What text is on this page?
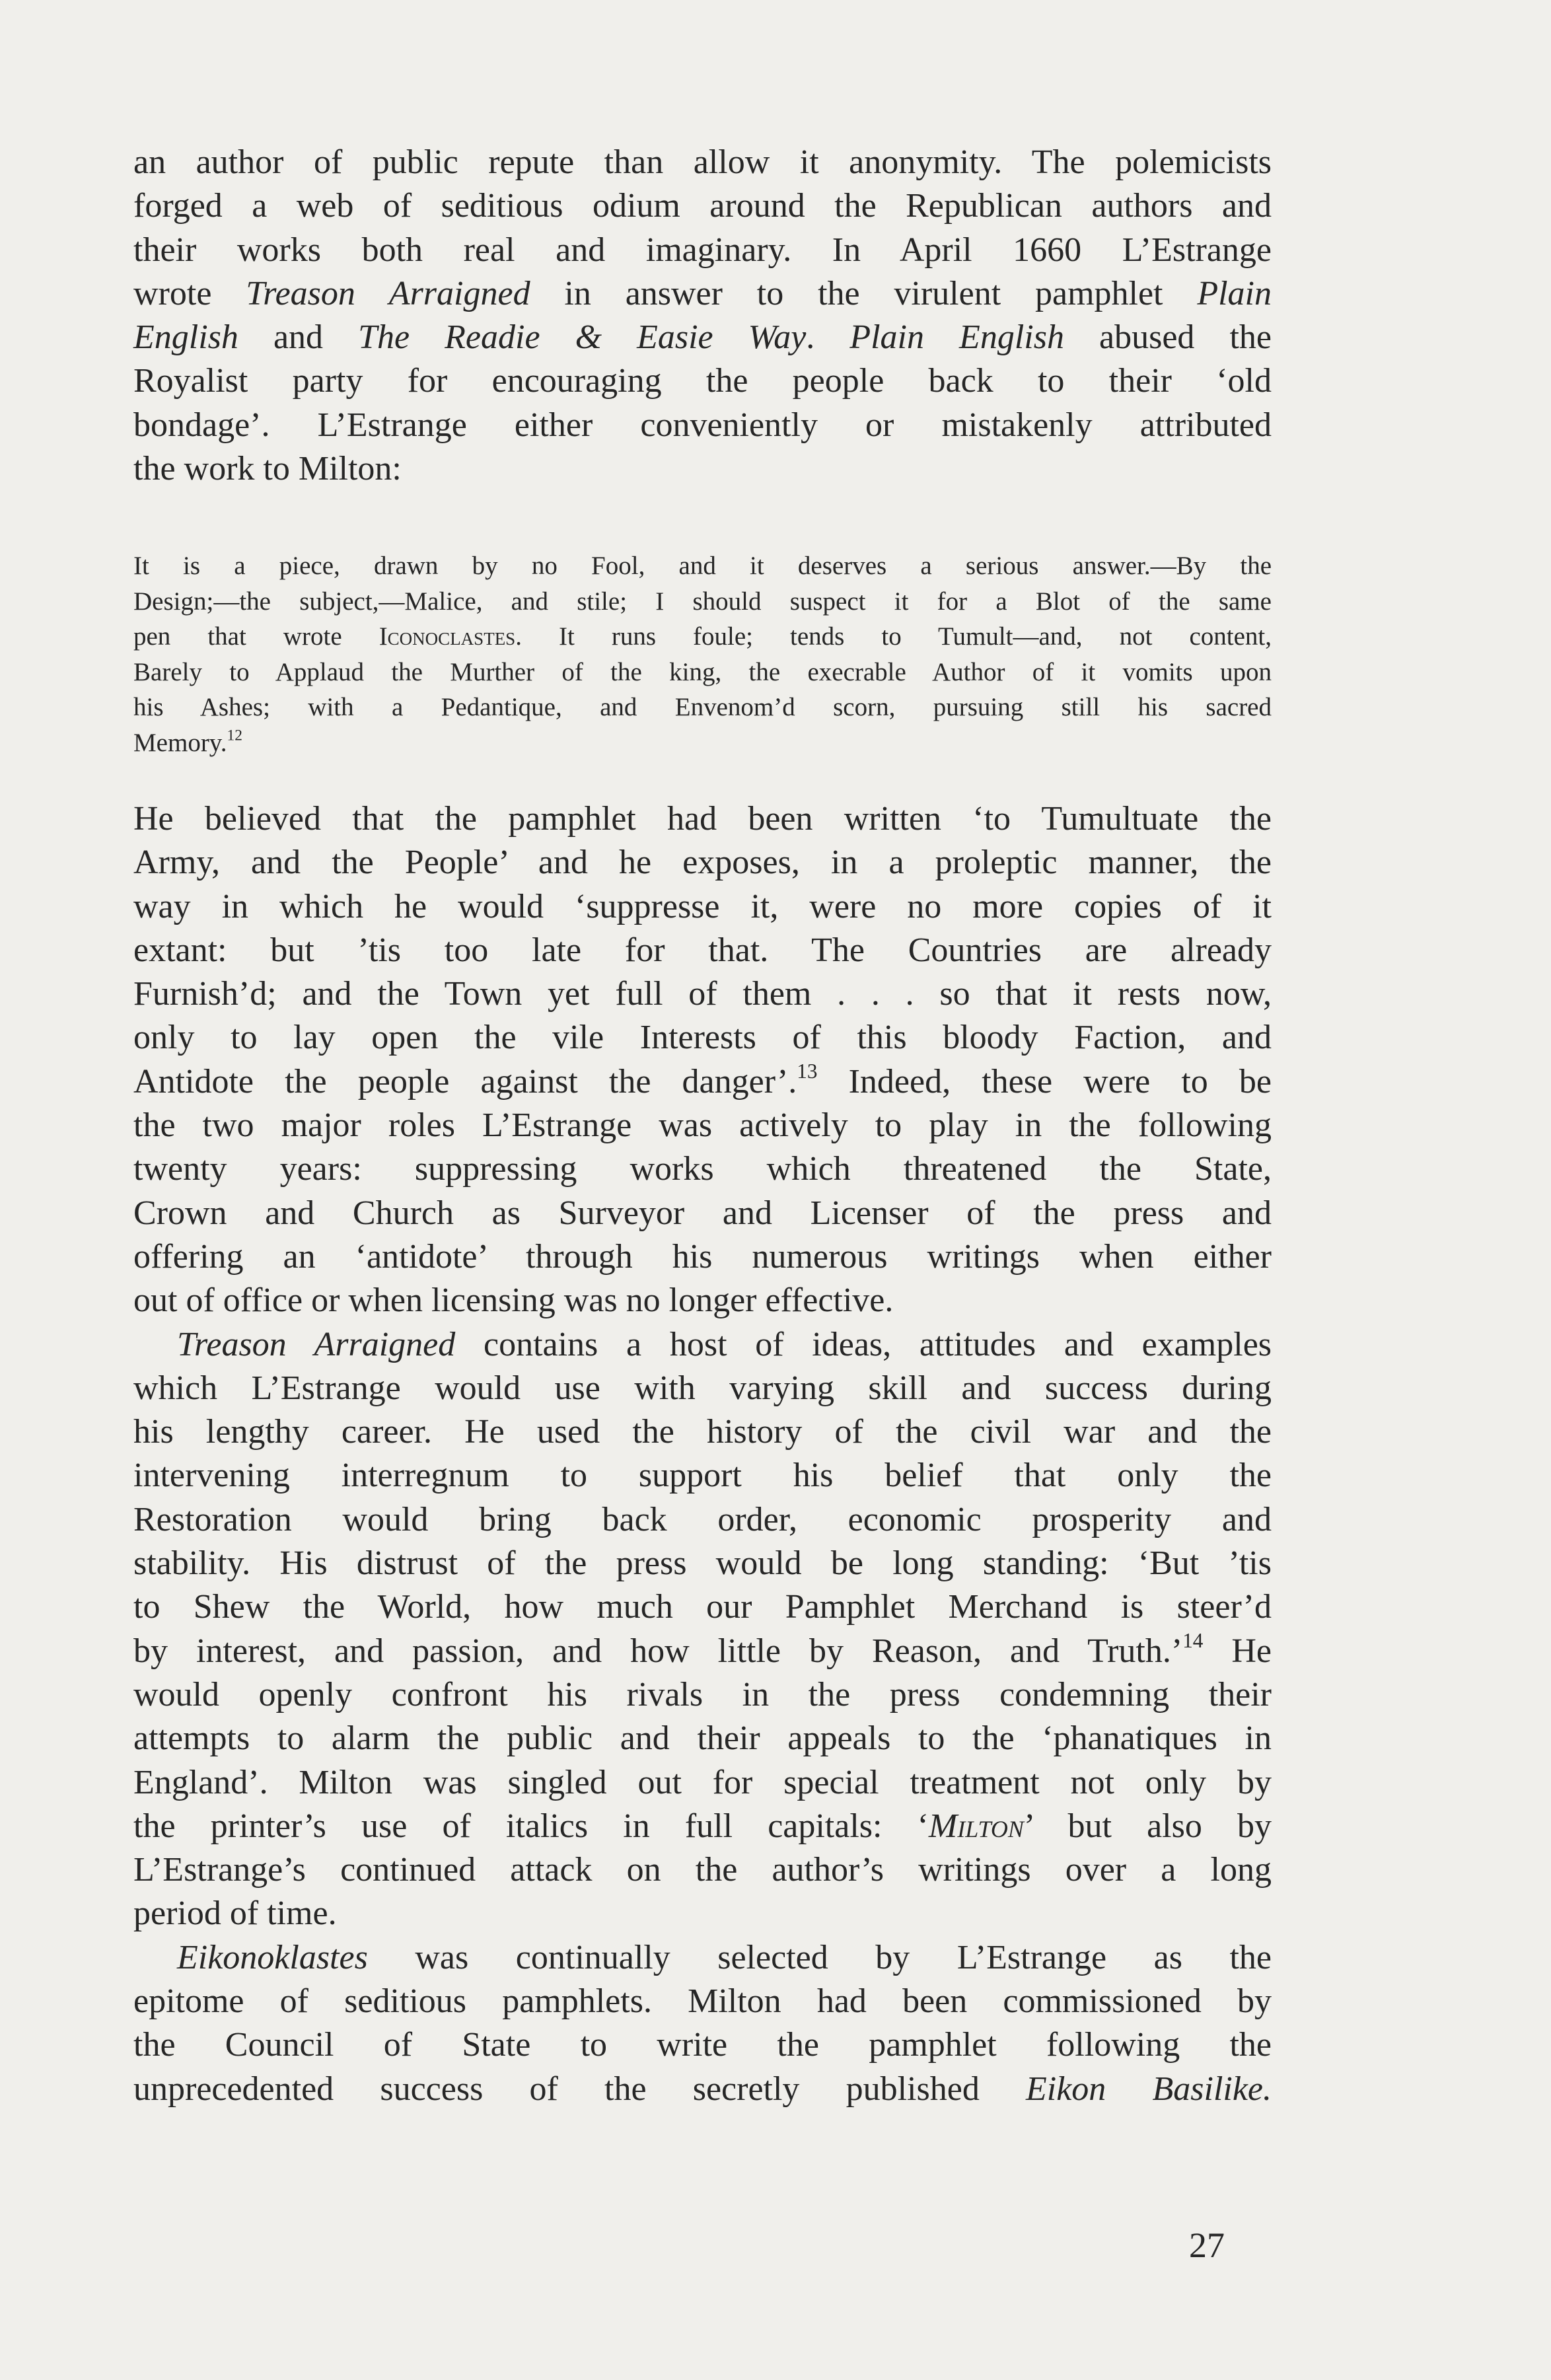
an author of public repute than allow it anonymity. The polemicists
forged a web of seditious odium around the Republican authors and
their works both real and imaginary. In April 1660 L’Estrange
wrote Treason Arraigned in answer to the virulent pamphlet Plain
English and The Readie & Easie Way. Plain English abused the
Royalist party for encouraging the people back to their ‘old
bondage’. L’Estrange either conveniently or mistakenly attributed
the work to Milton:
It is a piece, drawn by no Fool, and it deserves a serious answer.—By the
Design;—the subject,—Malice, and stile; I should suspect it for a Blot of the same
pen that wrote Iconoclastes. It runs foule; tends to Tumult—and, not content,
Barely to Applaud the Murther of the king, the execrable Author of it vomits upon
his Ashes; with a Pedantique, and Envenom’d scorn, pursuing still his sacred
Memory.$^{12}$
He believed that the pamphlet had been written ‘to Tumultuate the
Army, and the People’ and he exposes, in a proleptic manner, the
way in which he would ‘suppresse it, were no more copies of it
extant: but ’tis too late for that. The Countries are already
Furnish’d; and the Town yet full of them . . . so that it rests now,
only to lay open the vile Interests of this bloody Faction, and
Antidote the people against the danger’.$^{13}$ Indeed, these were to be
the two major roles L’Estrange was actively to play in the following
twenty years: suppressing works which threatened the State,
Crown and Church as Surveyor and Licenser of the press and
offering an ‘antidote’ through his numerous writings when either
out of office or when licensing was no longer effective.
Treason Arraigned contains a host of ideas, attitudes and examples
which L’Estrange would use with varying skill and success during
his lengthy career. He used the history of the civil war and the
intervening interregnum to support his belief that only the
Restoration would bring back order, economic prosperity and
stability. His distrust of the press would be long standing: ‘But ’tis
to Shew the World, how much our Pamphlet Merchand is steer’d
by interest, and passion, and how little by Reason, and Truth.’$^{14}$ He
would openly confront his rivals in the press condemning their
attempts to alarm the public and their appeals to the ‘phanatiques in
England’. Milton was singled out for special treatment not only by
the printer’s use of italics in full capitals: ‘Milton’ but also by
L’Estrange’s continued attack on the author’s writings over a long
period of time.
Eikonoklastes was continually selected by L’Estrange as the
epitome of seditious pamphlets. Milton had been commissioned by
the Council of State to write the pamphlet following the
unprecedented success of the secretly published Eikon Basilike.
27
